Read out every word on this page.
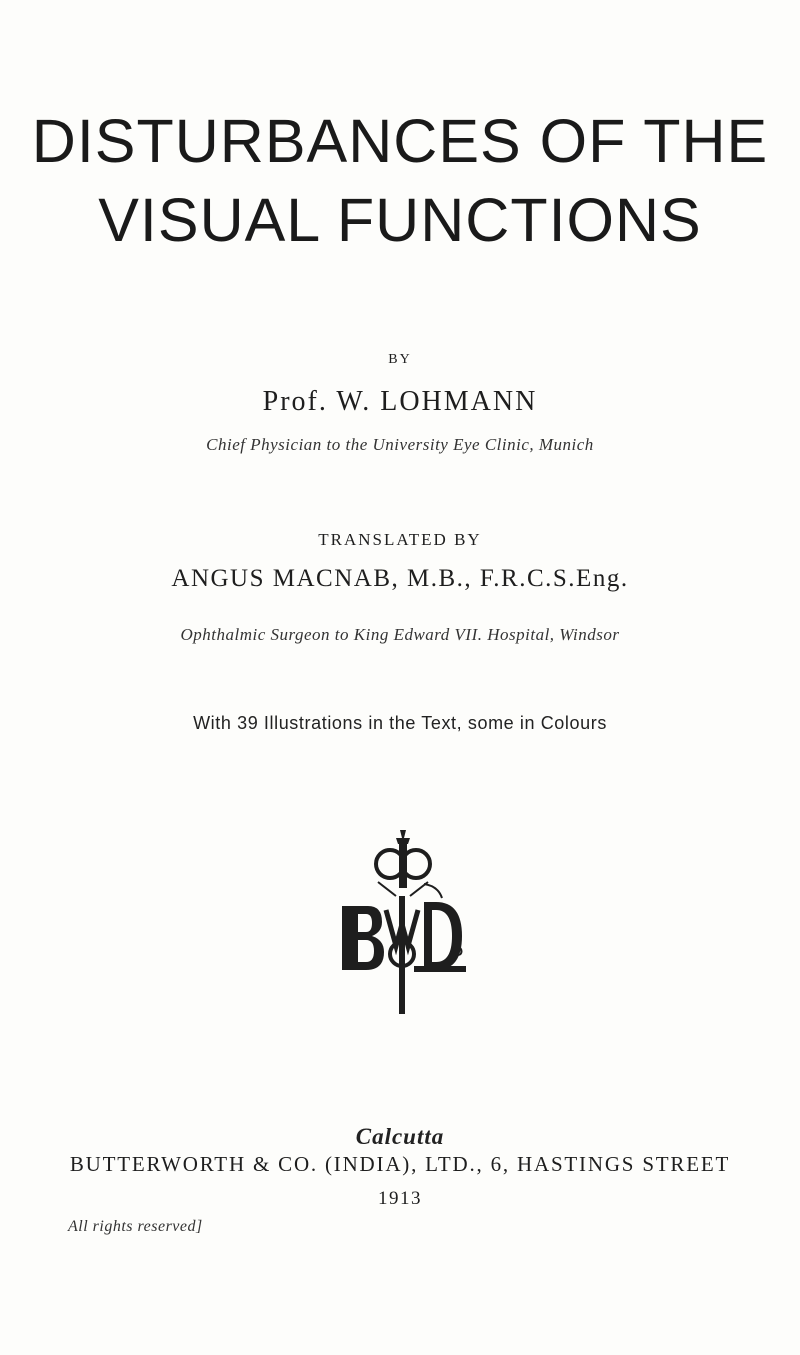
DISTURBANCES OF THE
VISUAL FUNCTIONS
BY
Prof. W. LOHMANN
Chief Physician to the University Eye Clinic, Munich
TRANSLATED BY
ANGUS MACNAB, M.B., F.R.C.S.Eng.
Ophthalmic Surgeon to King Edward VII. Hospital, Windsor
With 39 Illustrations in the Text, some in Colours
D
Calcutta
BUTTERWORTH & CO. (INDIA), LTD., 6, HASTINGS STREET
1913
All rights reserved]
